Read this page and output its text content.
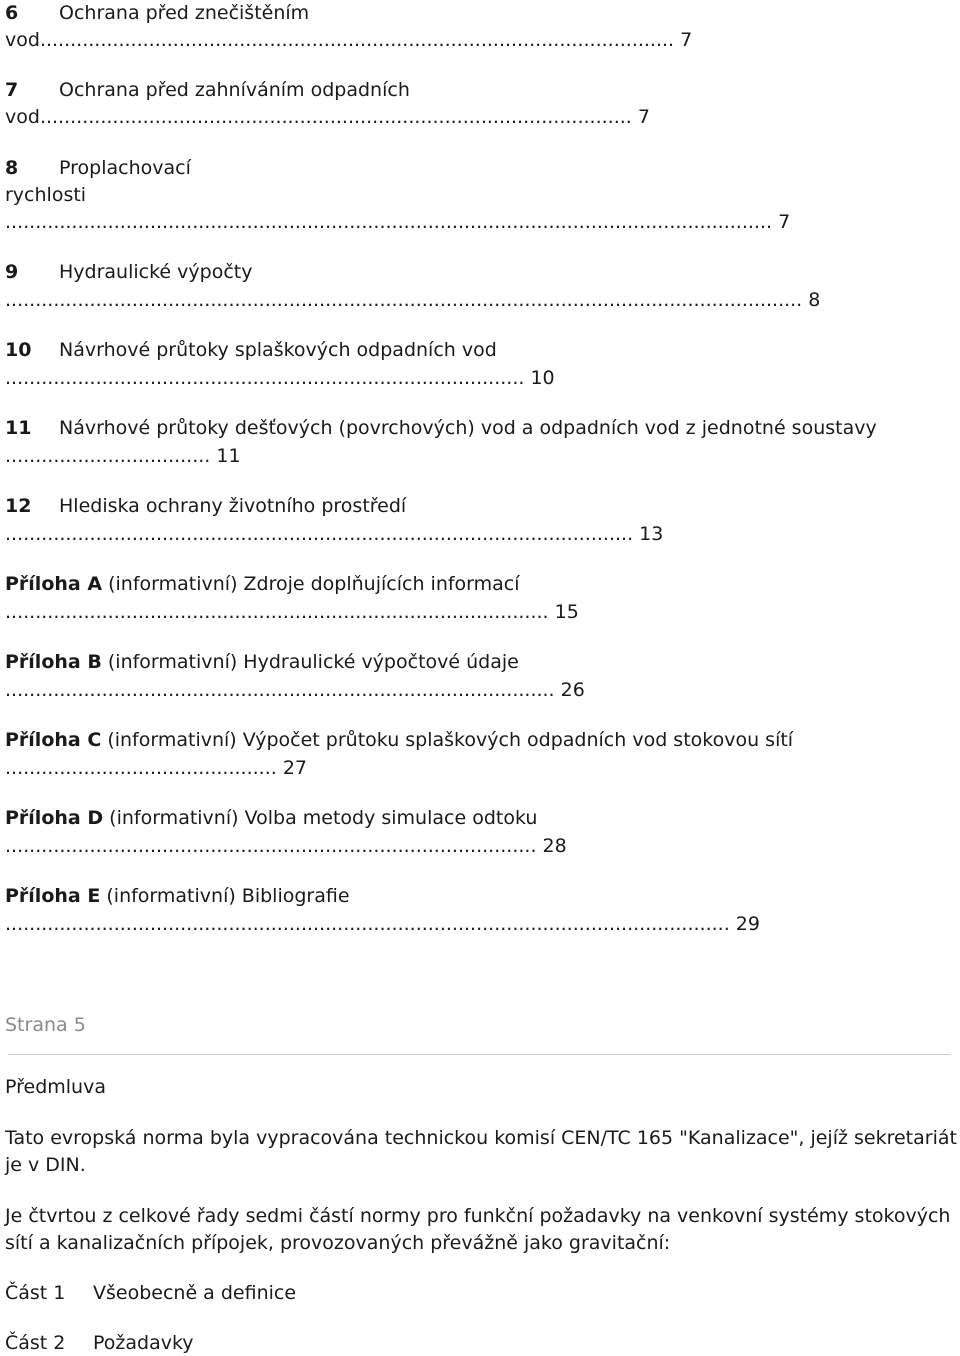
6 Ochrana před znečištěním
vod......................................................................................................... 7
7 Ochrana před zahníváním odpadních
vod.................................................................................................. 7
8 Proplachovací
rychlosti
............................................................................................................................... 7
9 Hydraulické výpočty
.................................................................................................................................... 8
10 Návrhové průtoky splaškových odpadních vod
...................................................................................... 10
11 Návrhové průtoky dešťových (povrchových) vod a odpadních vod z jednotné soustavy
.................................. 11
12 Hlediska ochrany životního prostředí
........................................................................................................ 13
Příloha A (informativní) Zdroje doplňujících informací
.......................................................................................... 15
Příloha B (informativní) Hydraulické výpočtové údaje
........................................................................................... 26
Příloha C (informativní) Výpočet průtoku splaškových odpadních vod stokovou sítí
............................................. 27
Příloha D (informativní) Volba metody simulace odtoku
........................................................................................ 28
Příloha E (informativní) Bibliografie
........................................................................................................................ 29
Strana 5
Předmluva
Tato evropská norma byla vypracována technickou komisí CEN/TC 165 "Kanalizace", jejíž sekretariát
je v DIN.
Je čtvrtou z celkové řady sedmi částí normy pro funkční požadavky na venkovní systémy stokových
sítí a kanalizačních přípojek, provozovaných převážně jako gravitační:
Část 1 Všeobecně a definice
Část 2 Požadavky
